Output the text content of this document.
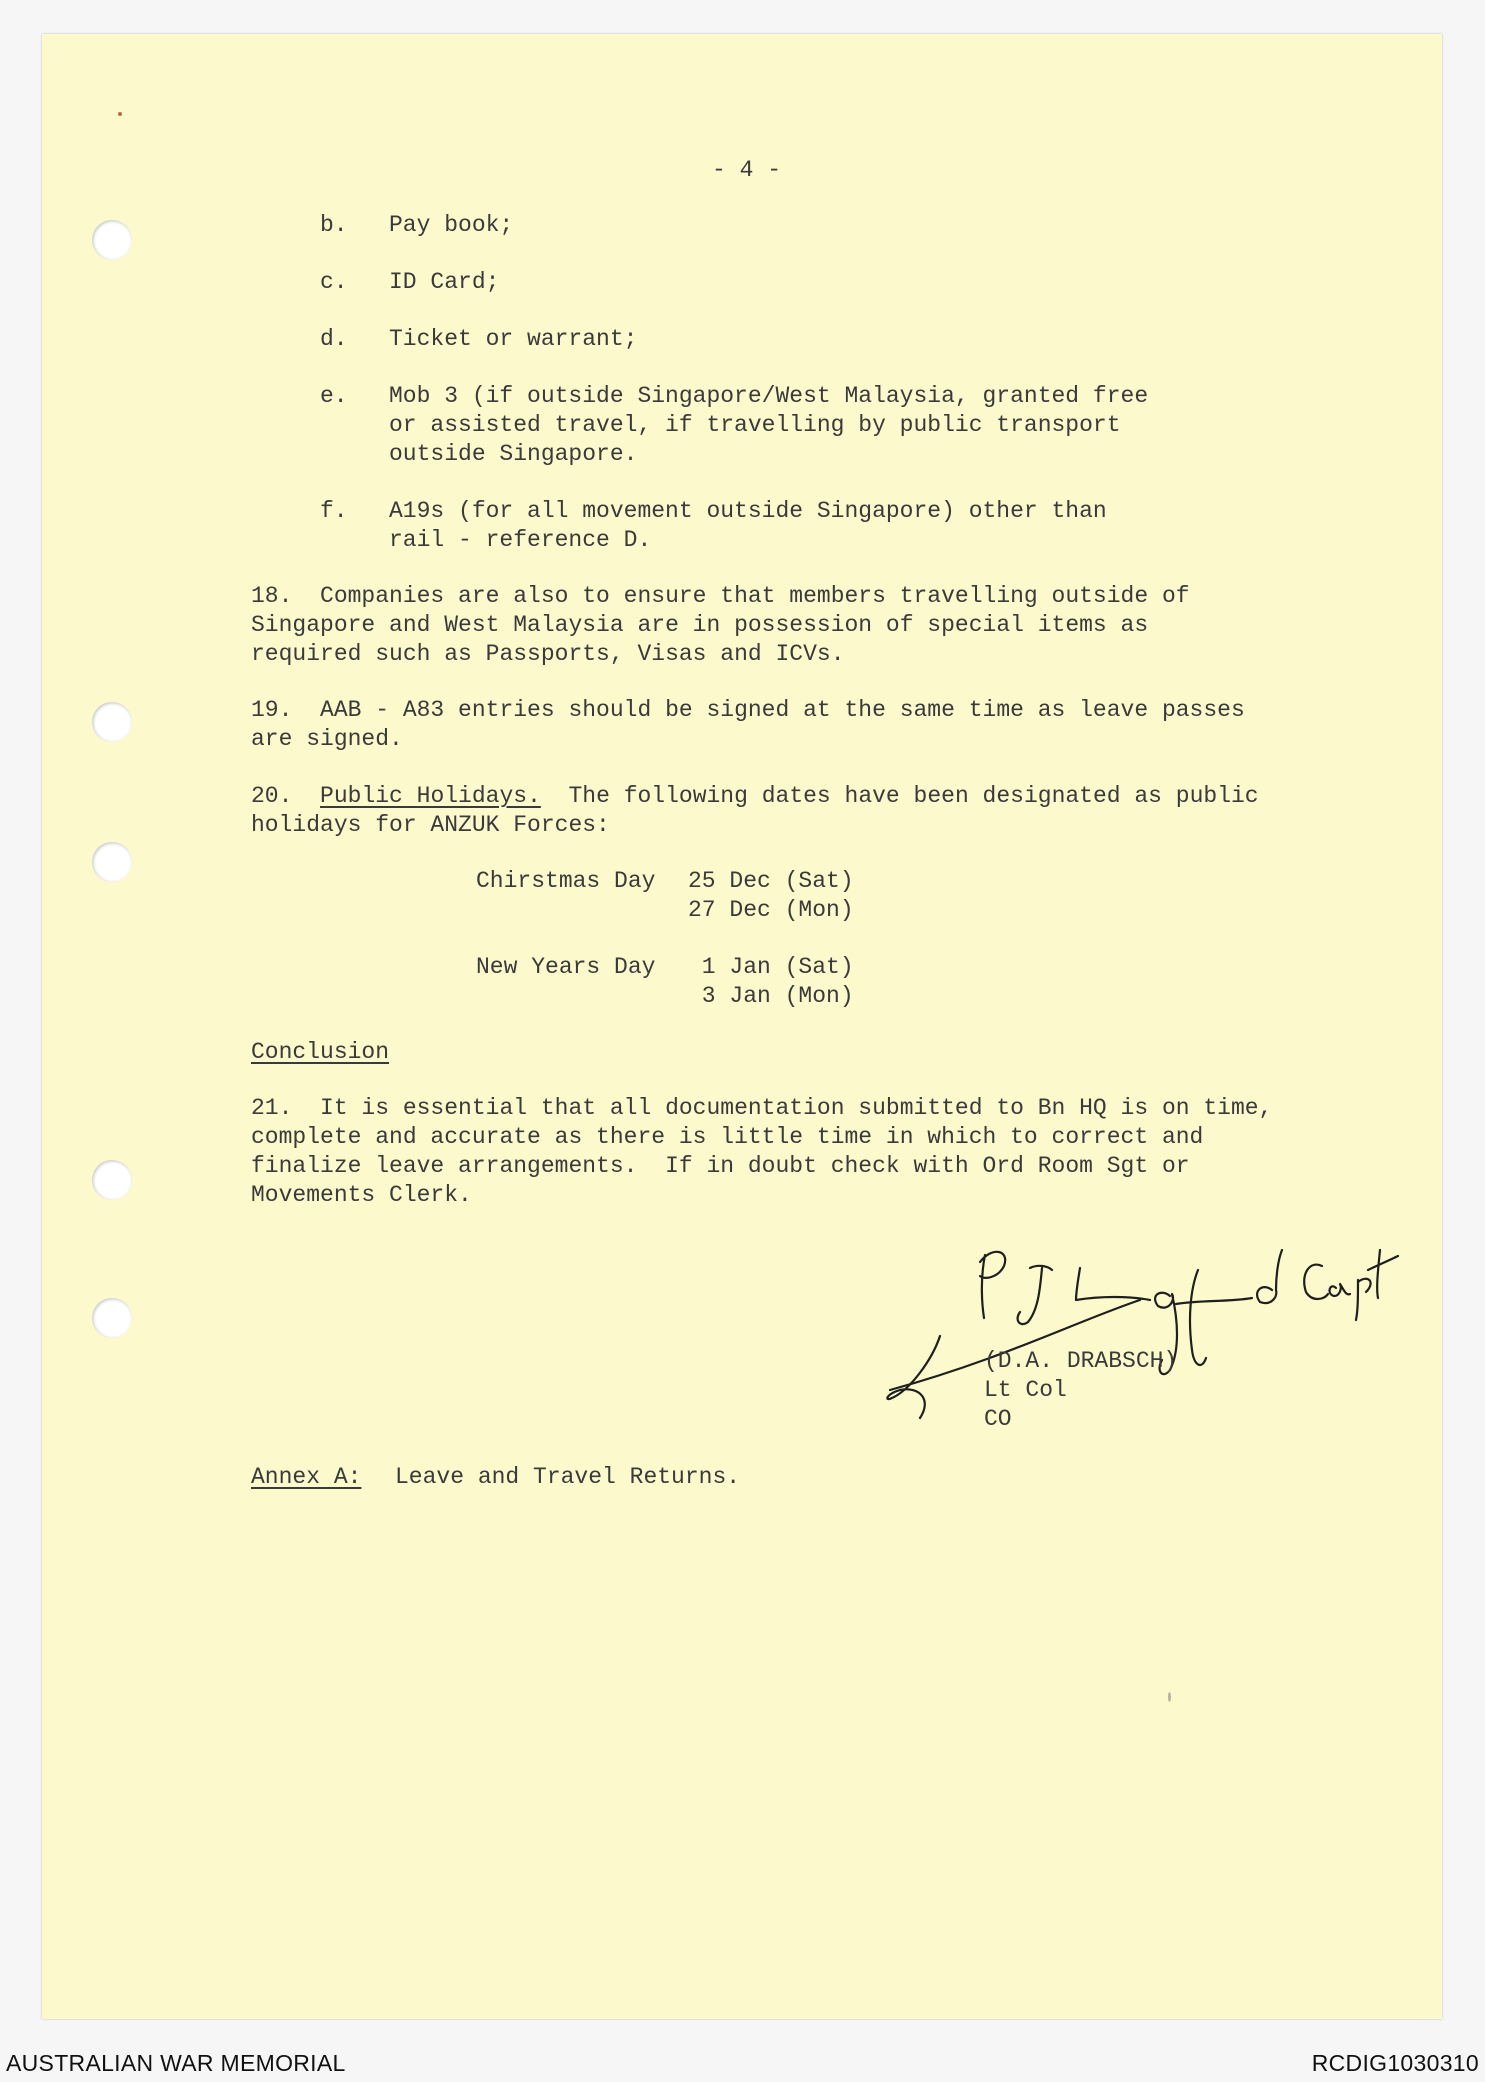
- 4 -
b. Pay book;
c. ID Card;
d. Ticket or warrant;
e. Mob 3 (if outside Singapore/West Malaysia, granted free
or assisted travel, if travelling by public transport
outside Singapore.
f. A19s (for all movement outside Singapore) other than
rail - reference D.
18.  Companies are also to ensure that members travelling outside of
Singapore and West Malaysia are in possession of special items as
required such as Passports, Visas and ICVs.
19.  AAB - A83 entries should be signed at the same time as leave passes
are signed.
20. Public Holidays. The following dates have been designated as public
holidays for ANZUK Forces:
Chirstmas Day 25 Dec (Sat)
27 Dec (Mon)
New Years Day 1 Jan (Sat)
3 Jan (Mon)
Conclusion
21.  It is essential that all documentation submitted to Bn HQ is on time,
complete and accurate as there is little time in which to correct and
finalize leave arrangements.  If in doubt check with Ord Room Sgt or
Movements Clerk.
(D.A. DRABSCH)
Lt Col
CO
Annex A: Leave and Travel Returns.
AUSTRALIAN WAR MEMORIAL	RCDIG1030310
